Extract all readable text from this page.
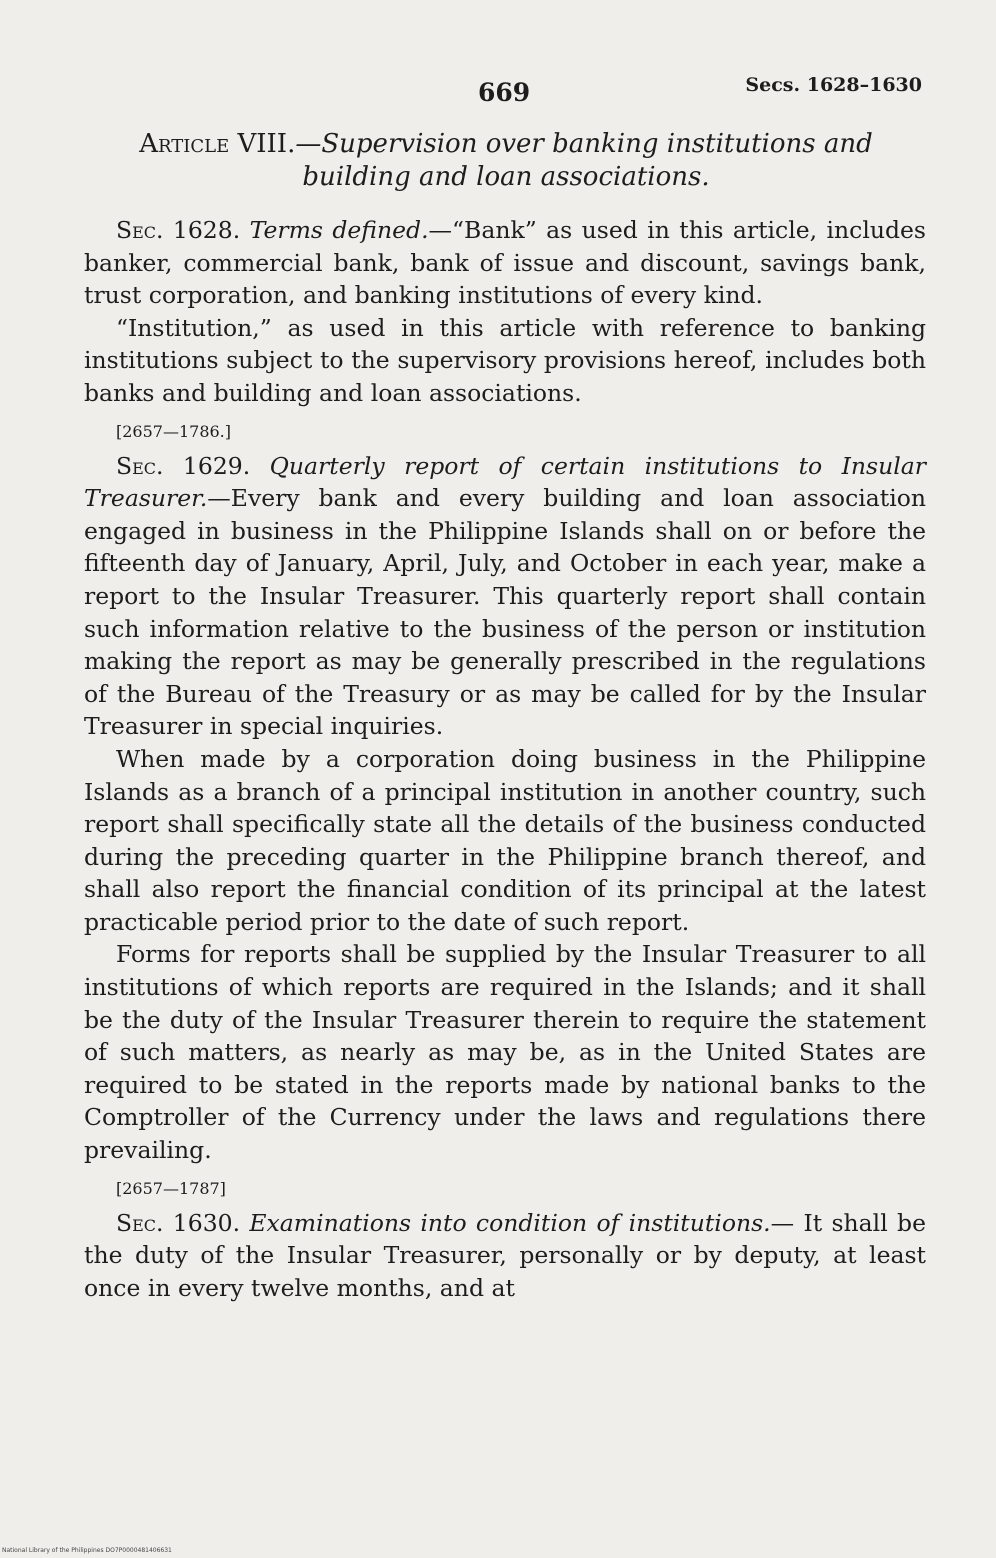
669	Secs. 1628–1630
Article VIII.—Supervision over banking institutions and building and loan associations.

Sec. 1628. Terms defined.—“Bank” as used in this article, includes banker, commercial bank, bank of issue and discount, savings bank, trust corporation, and banking institutions of every kind.

“Institution,” as used in this article with reference to banking institutions subject to the supervisory provisions hereof, includes both banks and building and loan associations.

[2657—1786.]

Sec. 1629. Quarterly report of certain institutions to Insular Treasurer.—Every bank and every building and loan association engaged in business in the Philippine Islands shall on or before the fifteenth day of January, April, July, and October in each year, make a report to the Insular Treasurer. This quarterly report shall contain such information relative to the business of the person or institution making the report as may be generally prescribed in the regulations of the Bureau of the Treasury or as may be called for by the Insular Treasurer in special inquiries.

When made by a corporation doing business in the Philippine Islands as a branch of a principal institution in another country, such report shall specifically state all the details of the business conducted during the preceding quarter in the Philippine branch thereof, and shall also report the financial condition of its principal at the latest practicable period prior to the date of such report.

Forms for reports shall be supplied by the Insular Treasurer to all institutions of which reports are required in the Islands; and it shall be the duty of the Insular Treasurer therein to require the statement of such matters, as nearly as may be, as in the United States are required to be stated in the reports made by national banks to the Comptroller of the Currency under the laws and regulations there prevailing.

[2657—1787]

Sec. 1630. Examinations into condition of institutions.— It shall be the duty of the Insular Treasurer, personally or by deputy, at least once in every twelve months, and at

National Library of the Philippines DO7P0000481406631
